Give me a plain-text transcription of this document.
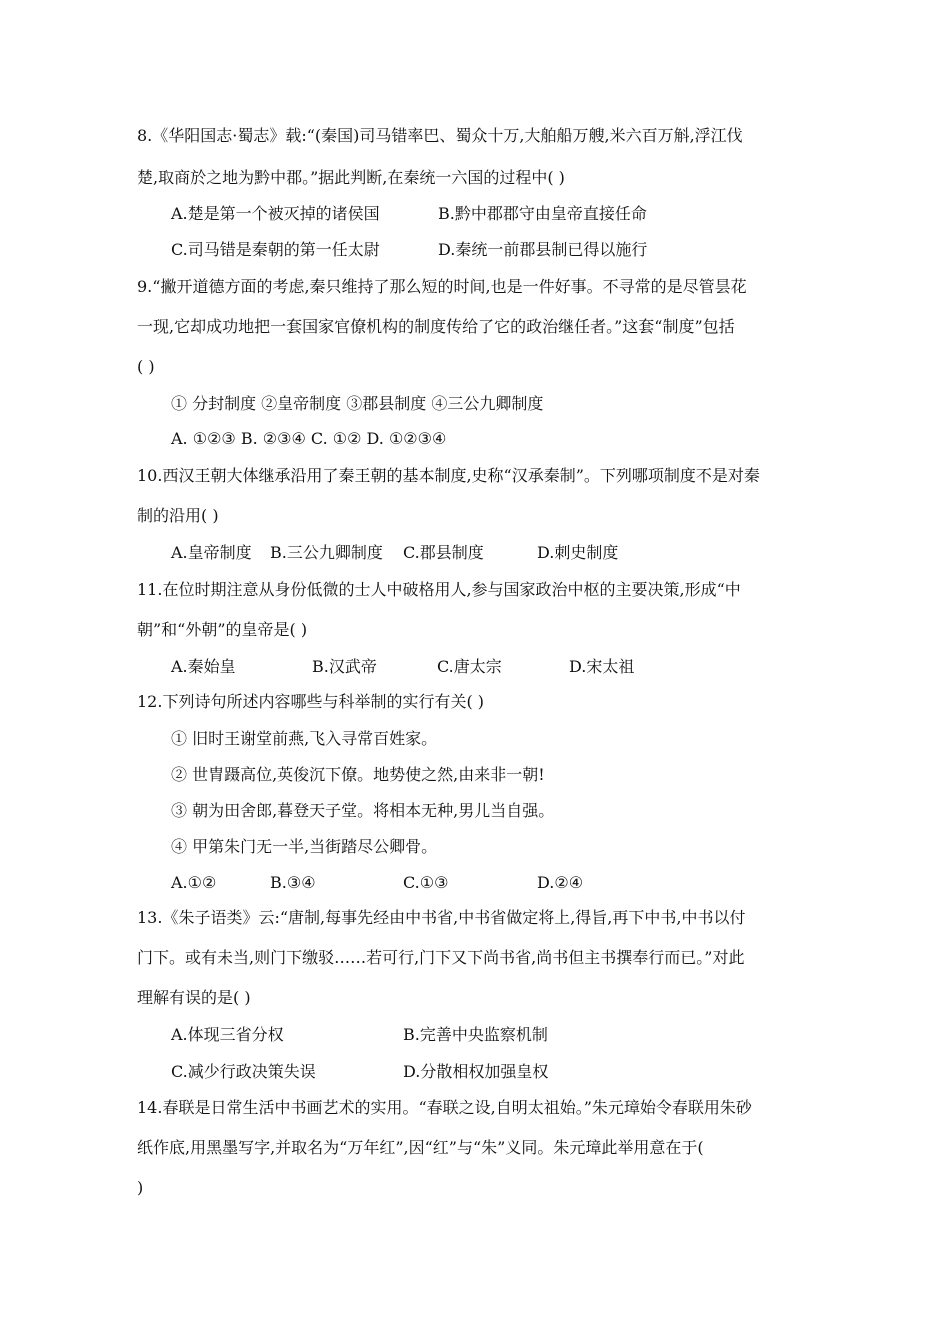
8.《华阳国志·蜀志》载:“(秦国)司马错率巴、蜀众十万,大舶船万艘,米六百万斛,浮江伐
楚,取商於之地为黔中郡。”据此判断,在秦统一六国的过程中( )
A.楚是第一个被灭掉的诸侯国	B.黔中郡郡守由皇帝直接任命
C.司马错是秦朝的第一任太尉	D.秦统一前郡县制已得以施行
9.“撇开道德方面的考虑,秦只维持了那么短的时间,也是一件好事。不寻常的是尽管昙花
一现,它却成功地把一套国家官僚机构的制度传给了它的政治继任者。”这套“制度”包括
( )
① 分封制度 ②皇帝制度 ③郡县制度 ④三公九卿制度
A. ①②③ B. ②③④ C. ①② D. ①②③④
10.西汉王朝大体继承沿用了秦王朝的基本制度,史称“汉承秦制”。下列哪项制度不是对秦
制的沿用( )
A.皇帝制度 B.三公九卿制度 C.郡县制度	D.刺史制度
11.在位时期注意从身份低微的士人中破格用人,参与国家政治中枢的主要决策,形成“中
朝”和“外朝”的皇帝是( )
A.秦始皇	B.汉武帝	C.唐太宗	D.宋太祖
12.下列诗句所述内容哪些与科举制的实行有关( )
① 旧时王谢堂前燕,飞入寻常百姓家。
② 世胄蹑高位,英俊沉下僚。地势使之然,由来非一朝!
③ 朝为田舍郎,暮登天子堂。将相本无种,男儿当自强。
④ 甲第朱门无一半,当街踏尽公卿骨。
A.①②	B.③④	C.①③	D.②④
13.《朱子语类》云:“唐制,每事先经由中书省,中书省做定将上,得旨,再下中书,中书以付
门下。或有未当,则门下缴驳……若可行,门下又下尚书省,尚书但主书撰奉行而已。”对此
理解有误的是( )
A.体现三省分权	B.完善中央监察机制
C.减少行政决策失误	D.分散相权加强皇权
14.春联是日常生活中书画艺术的实用。“春联之设,自明太祖始。”朱元璋始令春联用朱砂
纸作底,用黑墨写字,并取名为“万年红”,因“红”与“朱”义同。朱元璋此举用意在于(
)
